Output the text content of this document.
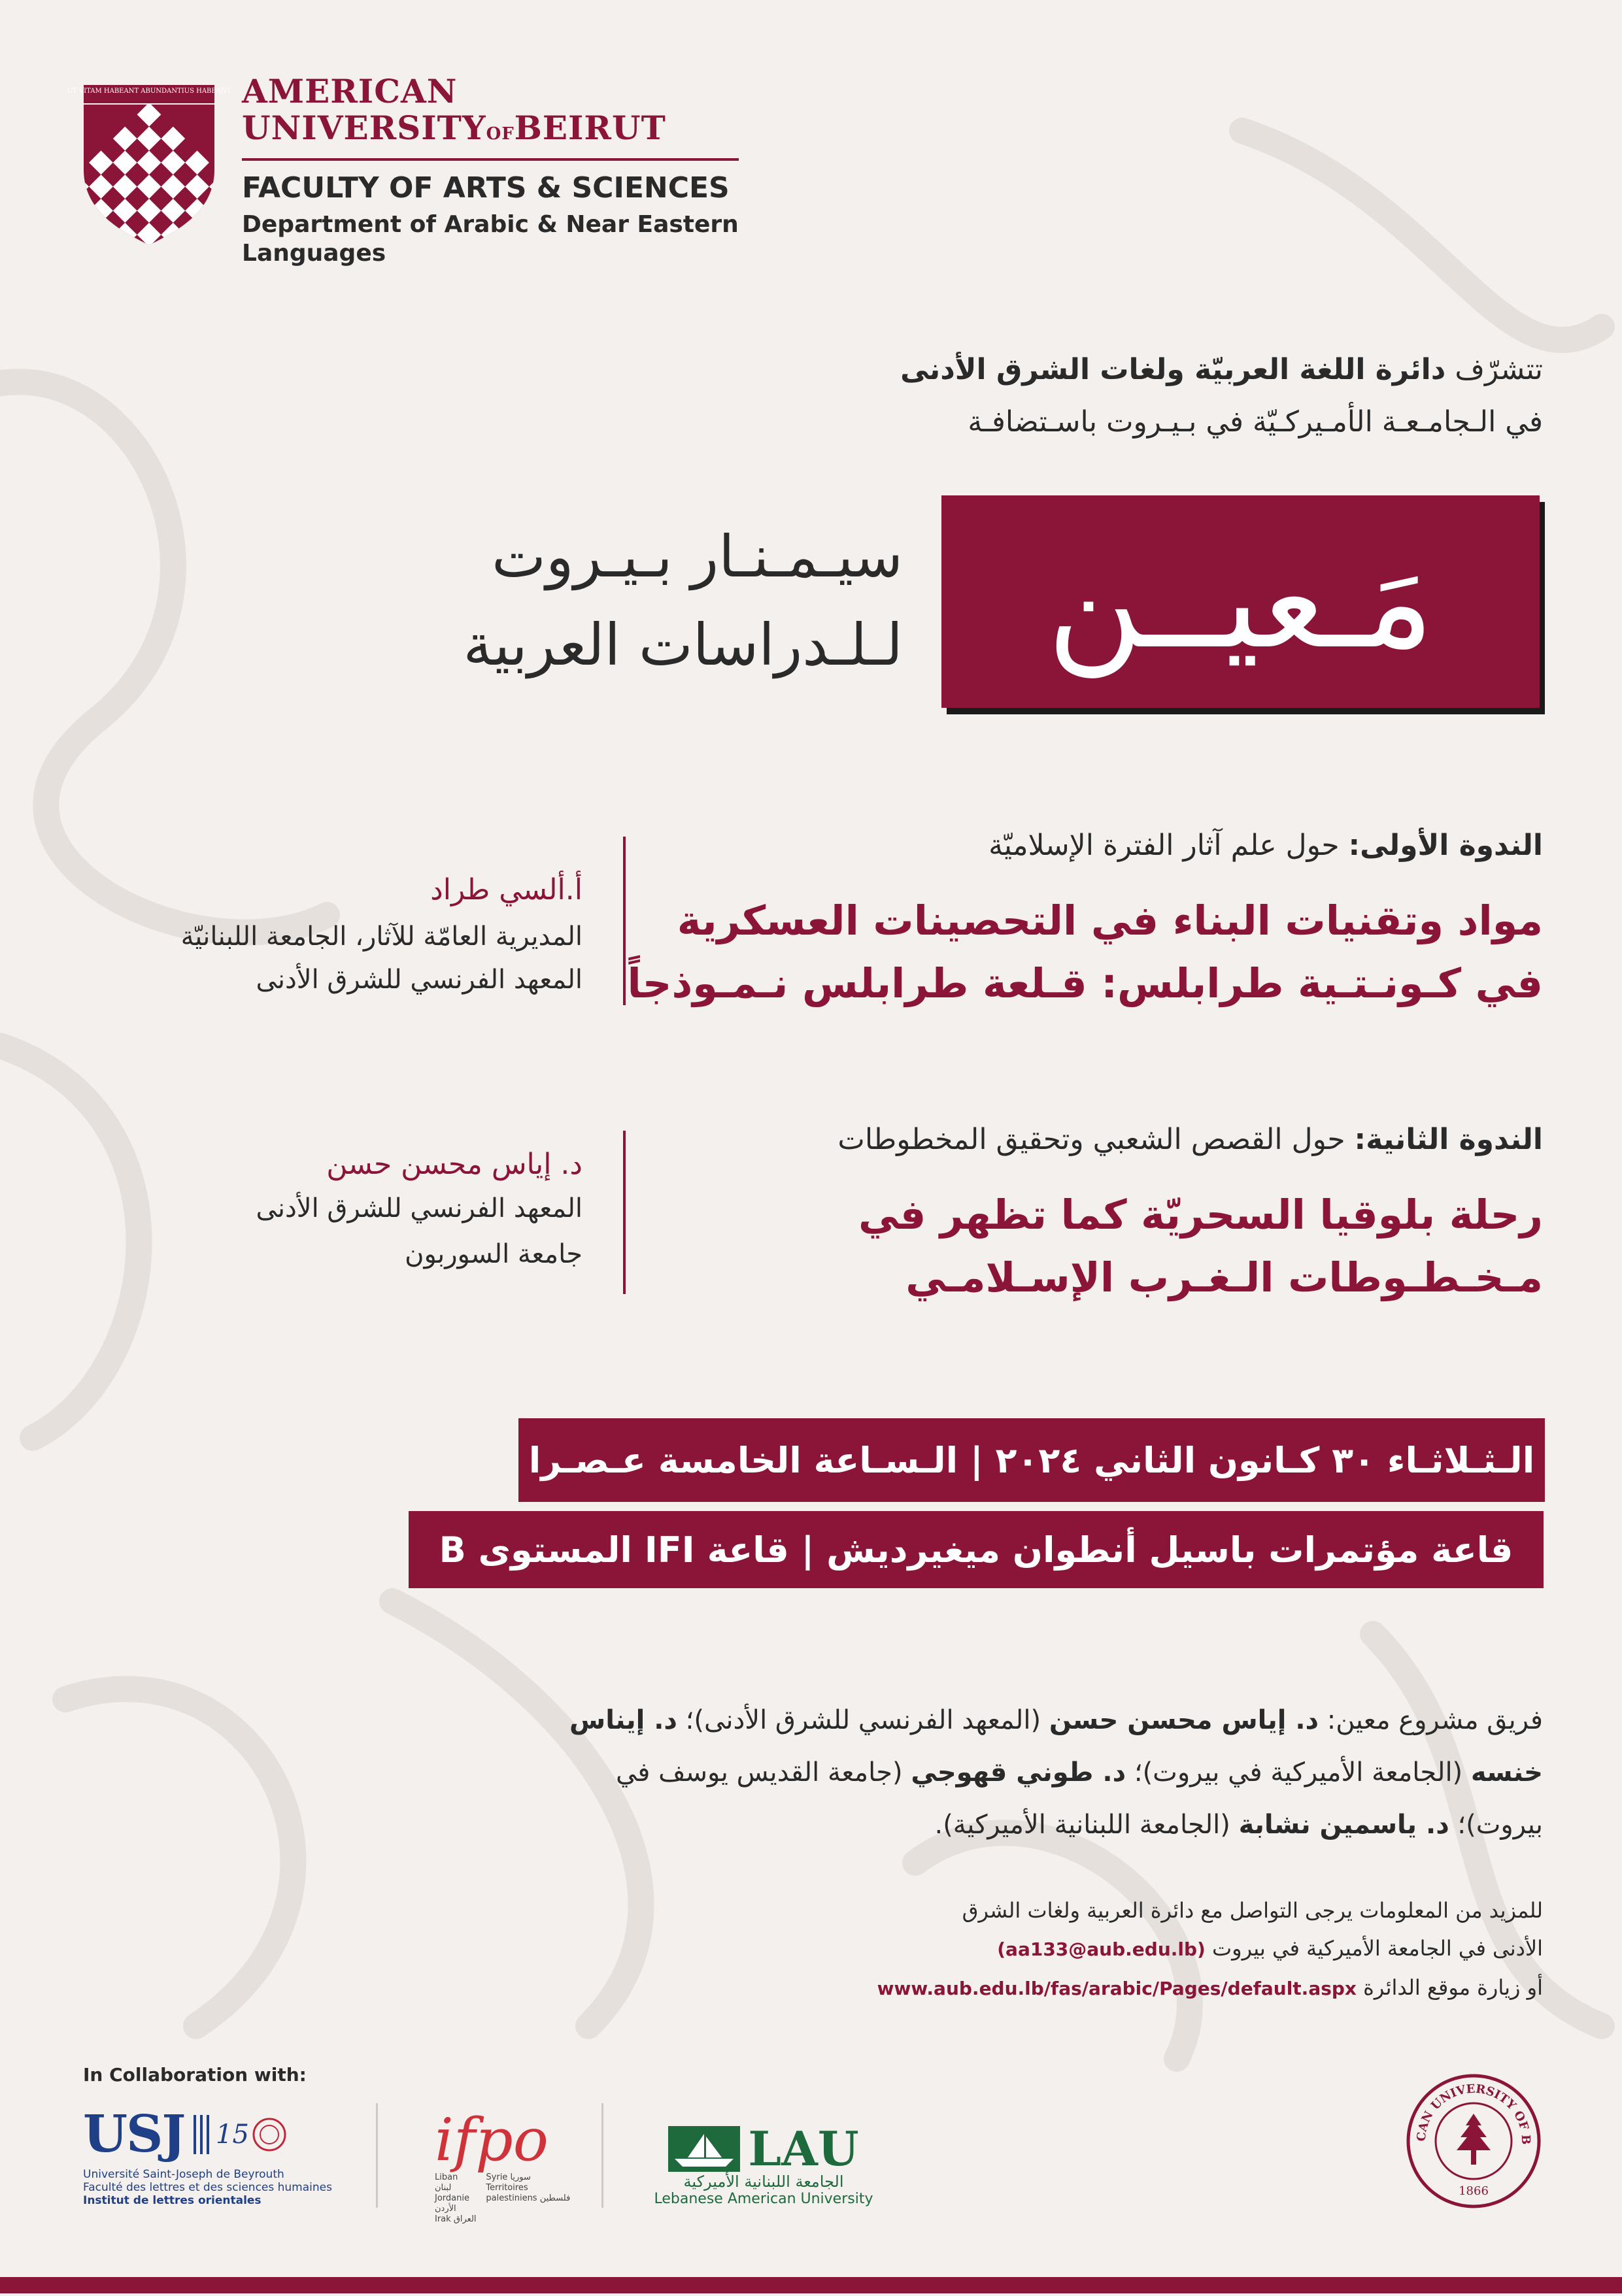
UT VITAM HABEANT ABUNDANTIUS HABEANT AMERICAN
UNIVERSITYOFBEIRUT
FACULTY OF ARTS & SCIENCES
Department of Arabic & Near Eastern Languages
تتشرّف دائرة اللغة العربيّة ولغات الشرق الأدنى
في الـجامـعـة الأمـيركـيّة في بـيـروت باسـتضافـة
مَـعيــن
سيـمـنـار بـيـروت
لـلـدراسات العربية
الندوة الأولى: حول علم آثار الفترة الإسلاميّة
مواد وتقنيات البناء في التحصينات العسكرية
في كـونـتـية طرابلس: قـلعة طرابلس نـمـوذجاً
أ.ألسي طراد
المديرية العامّة للآثار، الجامعة اللبنانيّة
المعهد الفرنسي للشرق الأدنى
الندوة الثانية: حول القصص الشعبي وتحقيق المخطوطات
رحلة بلوقيا السحريّة كما تظهر في
مـخـطـوطات الـغـرب الإسـلامـي
د. إياس محسن حسن
المعهد الفرنسي للشرق الأدنى
جامعة السوربون
الـثـلاثـاء ٣٠ كـانون الثاني ٢٠٢٤ | الـسـاعة الخامسة عـصـرا
قاعة مؤتمرات باسيل أنطوان ميغيرديش | قاعة IFI المستوى B
فريق مشروع معين: د. إياس محسن حسن (المعهد الفرنسي للشرق الأدنى)؛ د. إيناس خنسه (الجامعة الأميركية في بيروت)؛ د. طوني قهوجي (جامعة القديس يوسف في بيروت)؛ د. ياسمين نشابة (الجامعة اللبنانية الأميركية).
للمزيد من المعلومات يرجى التواصل مع دائرة العربية ولغات الشرق
الأدنى في الجامعة الأميركية في بيروت (aa133@aub.edu.lb)
أو زيارة موقع الدائرة www.aub.edu.lb/fas/arabic/Pages/default.aspx
In Collaboration with:
USJ 15
Université Saint-Joseph de Beyrouth
Faculté des lettres et des sciences humaines
Institut de lettres orientales
ifpo
Liban لبنان
Jordanie الأردن
Irak العراق
Syrie سوريا
Territoires palestiniens فلسطين
LAU
الجامعة اللبنانية الأميركية
Lebanese American University
CAN UNIVERSITY OF B
1866
